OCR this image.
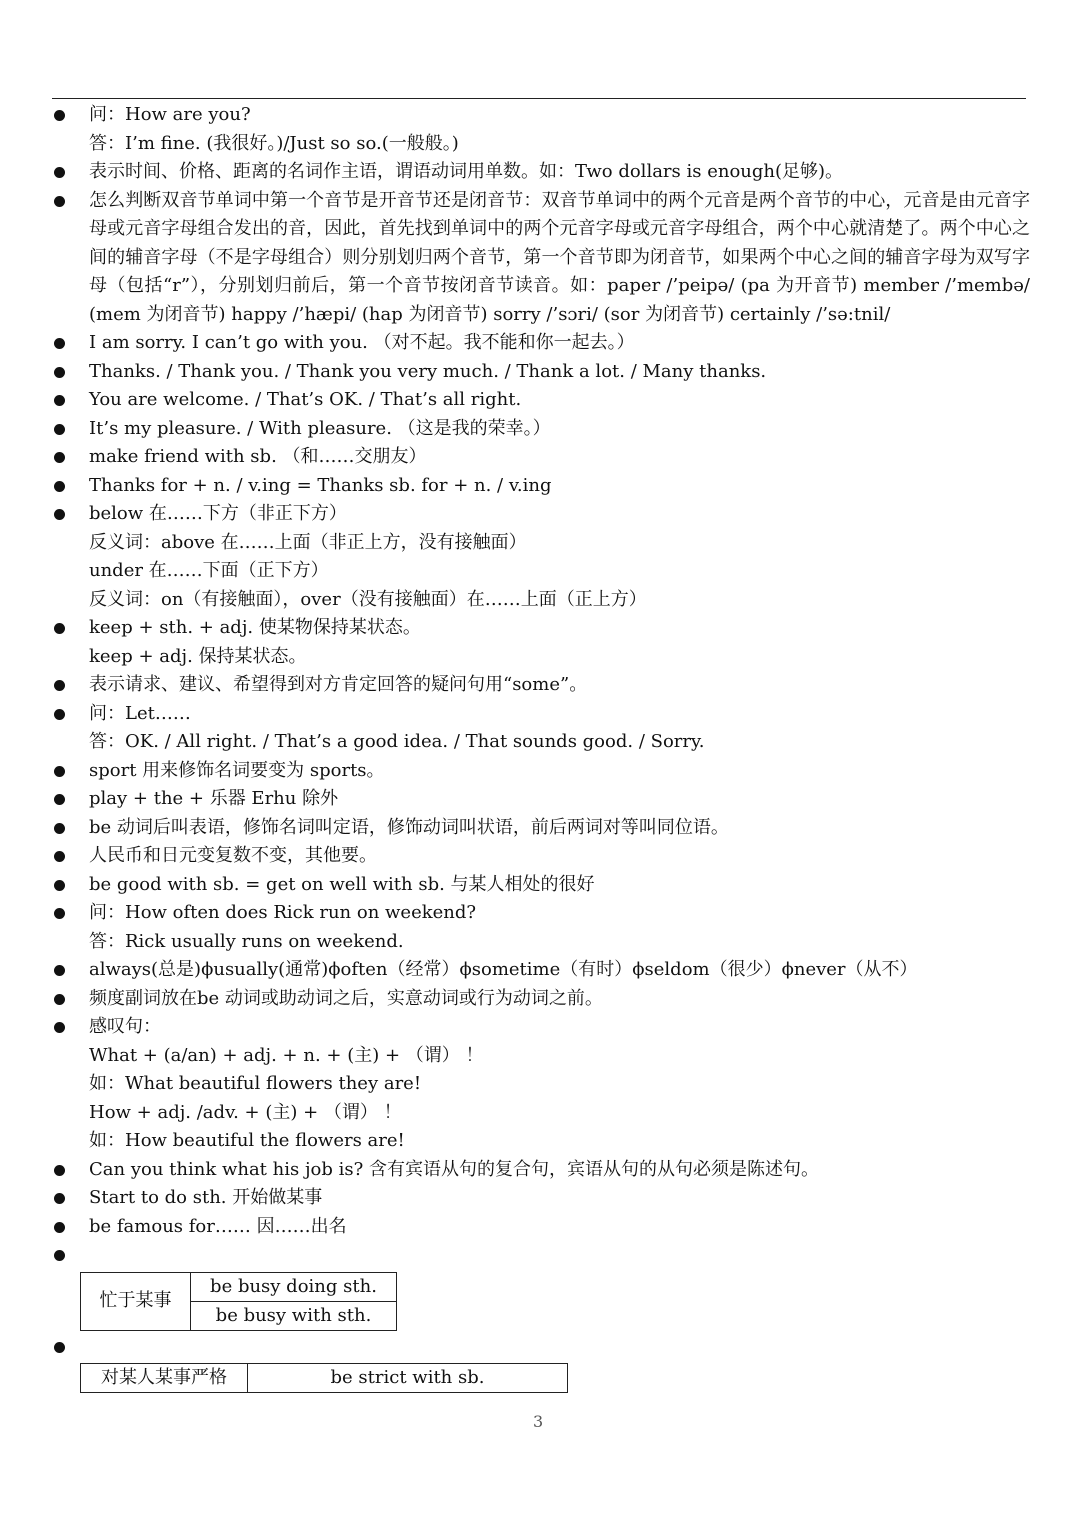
问：How are you?
答：I’m fine. (我很好。)/Just so so.(一般般。)
表示时间、价格、距离的名词作主语，谓语动词用单数。如：Two dollars is enough(足够)。
怎么判断双音节单词中第一个音节是开音节还是闭音节：双音节单词中的两个元音是两个音节的中心，元音是由元音字母或元音字母组合发出的音，因此，首先找到单词中的两个元音字母或元音字母组合，两个中心就清楚了。两个中心之间的辅音字母（不是字母组合）则分别划归两个音节，第一个音节即为闭音节，如果两个中心之间的辅音字母为双写字母（包括“r”），分别划归前后，第一个音节按闭音节读音。如：paper /’peipə/ (pa 为开音节) member /’membə/ (mem 为闭音节) happy /’hæpi/ (hap 为闭音节) sorry /’sɔri/ (sor 为闭音节) certainly /’sə:tnil/
I am sorry. I can’t go with you. （对不起。我不能和你一起去。）
Thanks. / Thank you. / Thank you very much. / Thank a lot. / Many thanks.
You are welcome. / That’s OK. / That’s all right.
It’s my pleasure. / With pleasure. （这是我的荣幸。）
make friend with sb. （和……交朋友）
Thanks for + n. / v.ing = Thanks sb. for + n. / v.ing
below 在……下方（非正下方）
反义词：above 在……上面（非正上方，没有接触面）
under 在……下面（正下方）
反义词：on（有接触面），over（没有接触面）在……上面（正上方）
keep + sth. + adj. 使某物保持某状态。
keep + adj. 保持某状态。
表示请求、建议、希望得到对方肯定回答的疑问句用“some”。
问：Let……
答：OK. / All right. / That’s a good idea. / That sounds good. / Sorry.
sport 用来修饰名词要变为 sports。
play + the + 乐器 Erhu 除外
be 动词后叫表语，修饰名词叫定语，修饰动词叫状语，前后两词对等叫同位语。
人民币和日元变复数不变，其他要。
be good with sb. = get on well with sb. 与某人相处的很好
问：How often does Rick run on weekend?
答：Rick usually runs on weekend.
always(总是)ϕusually(通常)ϕoften（经常）ϕsometime（有时）ϕseldom（很少）ϕnever（从不）
频度副词放在be 动词或助动词之后，实意动词或行为动词之前。
感叹句：
What + (a/an) + adj. + n. + (主) + （谓） ！
如：What beautiful flowers they are!
How + adj. /adv. + (主) + （谓） ！
如：How beautiful the flowers are!
Can you think what his job is? 含有宾语从句的复合句，宾语从句的从句必须是陈述句。
Start to do sth. 开始做某事
be famous for…… 因……出名

忙于某事	be busy doing sth.
be busy with sth.

对某人某事严格	be strict with sb.
3
